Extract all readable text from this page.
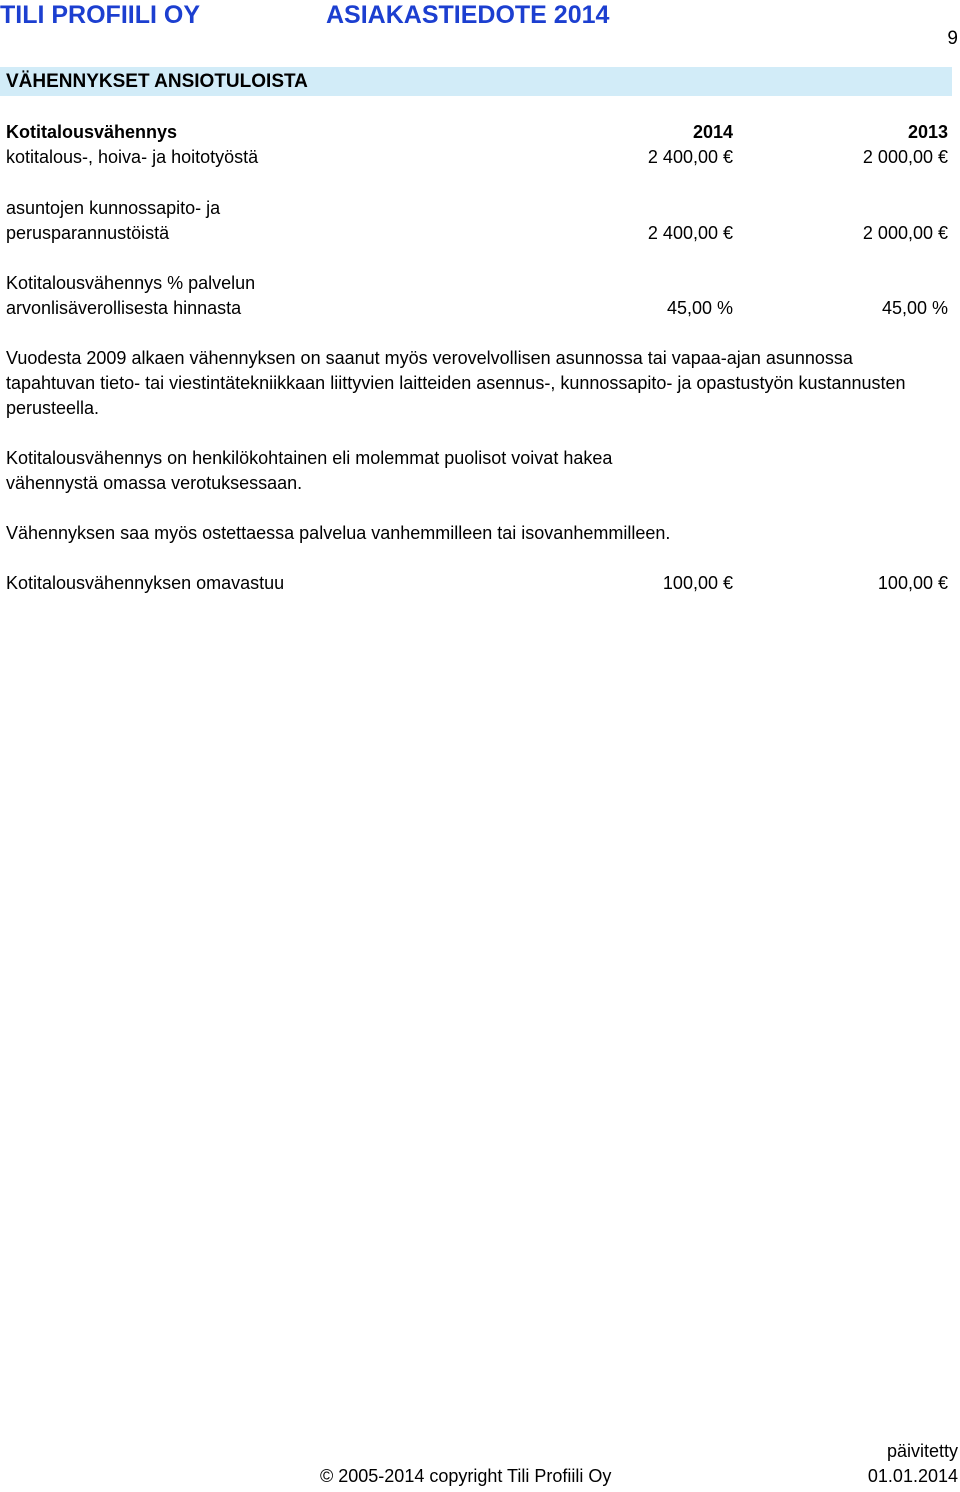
TILI PROFIILI OY	ASIAKASTIEDOTE 2014
9
VÄHENNYKSET ANSIOTULOISTA
Kotitalousvähennys	2014	2013
kotitalous-, hoiva- ja hoitotyöstä	2 400,00 €	2 000,00 €
asuntojen kunnossapito- ja
perusparannustöistä	2 400,00 €	2 000,00 €
Kotitalousvähennys % palvelun
arvonlisäverollisesta hinnasta	45,00 %	45,00 %
Vuodesta 2009 alkaen vähennyksen on saanut myös verovelvollisen asunnossa tai vapaa-ajan asunnossa tapahtuvan tieto- tai viestintätekniikkaan liittyvien laitteiden asennus-, kunnossapito- ja opastustyön kustannusten perusteella.
Kotitalousvähennys on henkilökohtainen eli molemmat puolisot voivat hakea vähennystä omassa verotuksessaan.
Vähennyksen saa myös ostettaessa palvelua vanhemmilleen tai isovanhemmilleen.
Kotitalousvähennyksen omavastuu	100,00 €	100,00 €
päivitetty
© 2005-2014 copyright Tili Profiili Oy	01.01.2014
